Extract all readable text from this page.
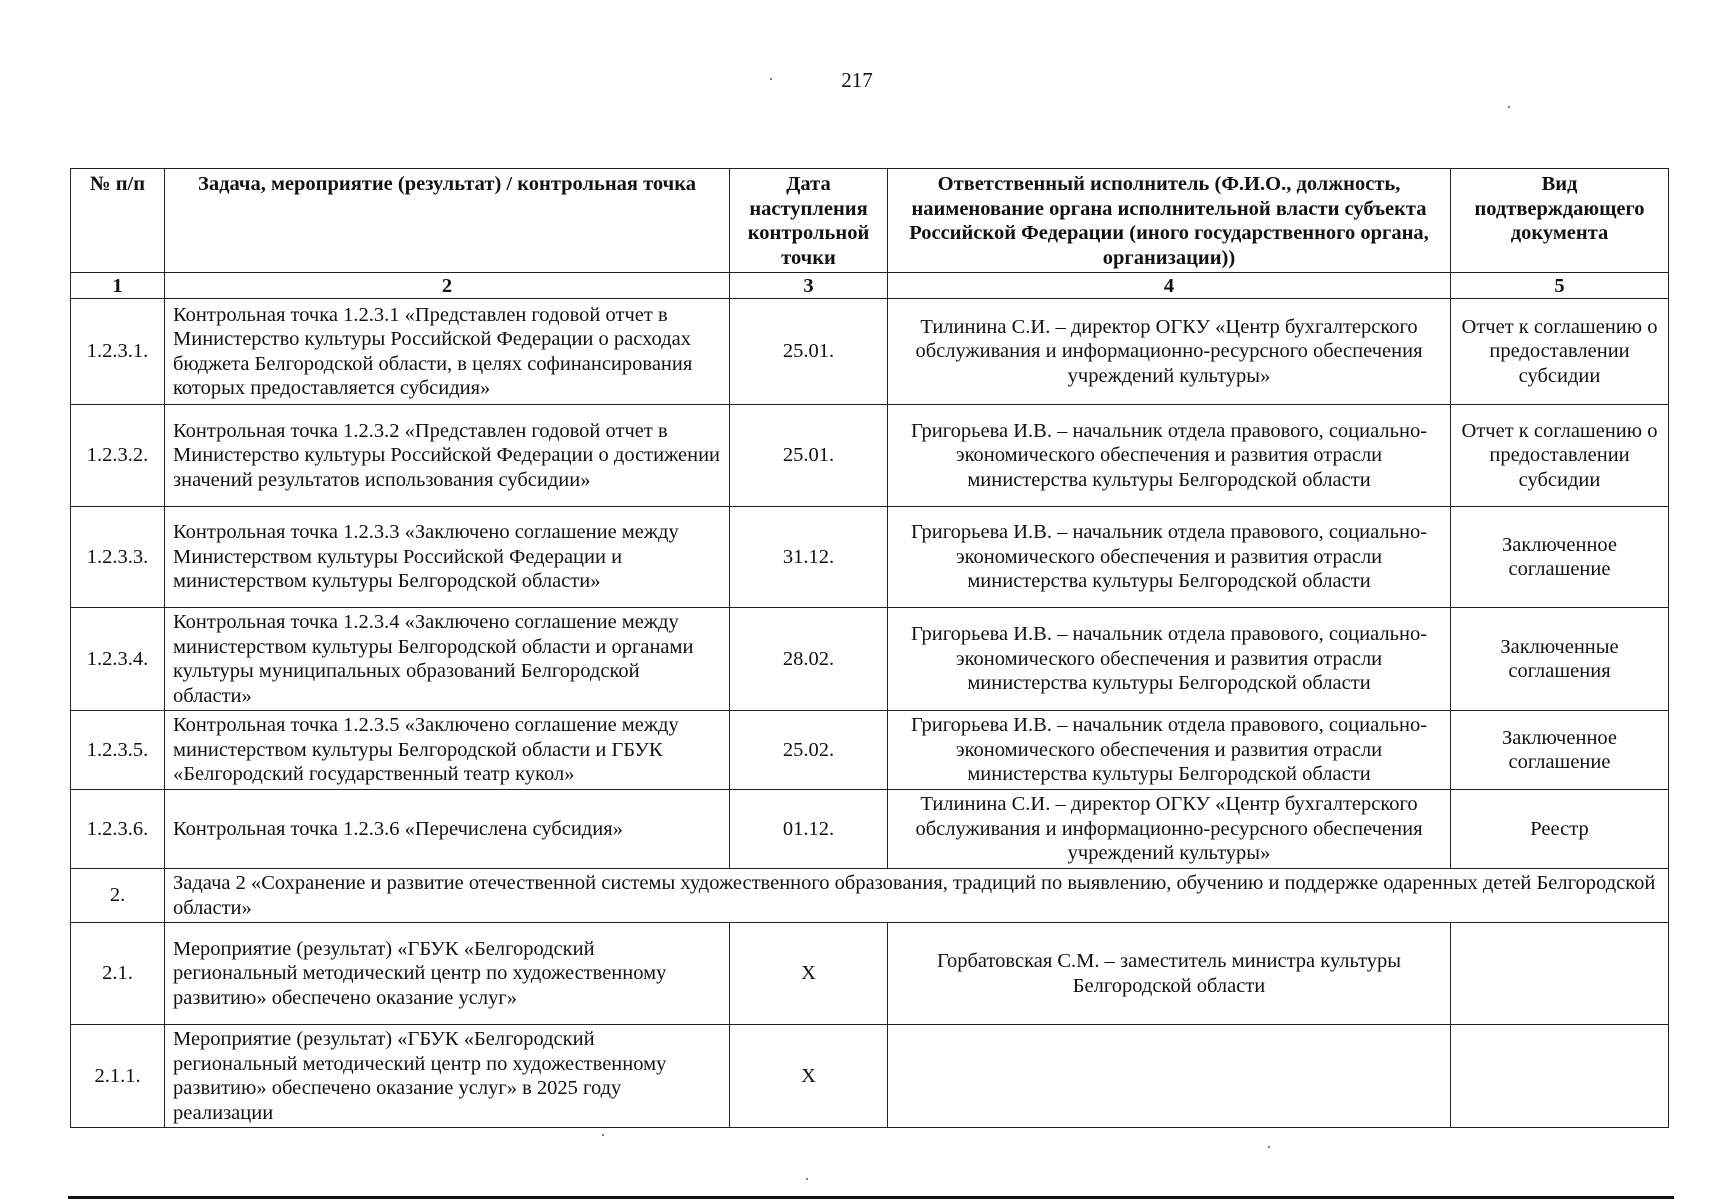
217
№ п/п	Задача, мероприятие (результат) / контрольная точка	Дата наступления контрольной точки	Ответственный исполнитель (Ф.И.О., должность, наименование органа исполнительной власти субъекта Российской Федерации (иного государственного органа, организации))	Вид подтверждающего документа
1	2	3	4	5
1.2.3.1.	Контрольная точка 1.2.3.1 «Представлен годовой отчет в Министерство культуры Российской Федерации о расходах бюджета Белгородской области, в целях софинансирования которых предоставляется субсидия»	25.01.	Тилинина С.И. – директор ОГКУ «Центр бухгалтерского обслуживания и информационно-ресурсного обеспечения учреждений культуры»	Отчет к соглашению о предоставлении субсидии
1.2.3.2.	Контрольная точка 1.2.3.2 «Представлен годовой отчет в Министерство культуры Российской Федерации о достижении значений результатов использования субсидии»	25.01.	Григорьева И.В. – начальник отдела правового, социально-экономического обеспечения и развития отрасли министерства культуры Белгородской области	Отчет к соглашению о предоставлении субсидии
1.2.3.3.	Контрольная точка 1.2.3.3 «Заключено соглашение между Министерством культуры Российской Федерации и министерством культуры Белгородской области»	31.12.	Григорьева И.В. – начальник отдела правового, социально-экономического обеспечения и развития отрасли министерства культуры Белгородской области	Заключенное соглашение
1.2.3.4.	Контрольная точка 1.2.3.4 «Заключено соглашение между министерством культуры Белгородской области и органами культуры муниципальных образований Белгородской области»	28.02.	Григорьева И.В. – начальник отдела правового, социально-экономического обеспечения и развития отрасли министерства культуры Белгородской области	Заключенные соглашения
1.2.3.5.	Контрольная точка 1.2.3.5 «Заключено соглашение между министерством культуры Белгородской области и ГБУК «Белгородский государственный театр кукол»	25.02.	Григорьева И.В. – начальник отдела правового, социально-экономического обеспечения и развития отрасли министерства культуры Белгородской области	Заключенное соглашение
1.2.3.6.	Контрольная точка 1.2.3.6 «Перечислена субсидия»	01.12.	Тилинина С.И. – директор ОГКУ «Центр бухгалтерского обслуживания и информационно-ресурсного обеспечения учреждений культуры»	Реестр
2.	Задача 2 «Сохранение и развитие отечественной системы художественного образования, традиций по выявлению, обучению и поддержке одаренных детей Белгородской области»			
2.1.	Мероприятие (результат) «ГБУК «Белгородский региональный методический центр по художественному развитию» обеспечено оказание услуг»	X	Горбатовская С.М. – заместитель министра культуры Белгородской области	
2.1.1.	Мероприятие (результат) «ГБУК «Белгородский региональный методический центр по художественному развитию» обеспечено оказание услуг» в 2025 году реализации	X		
